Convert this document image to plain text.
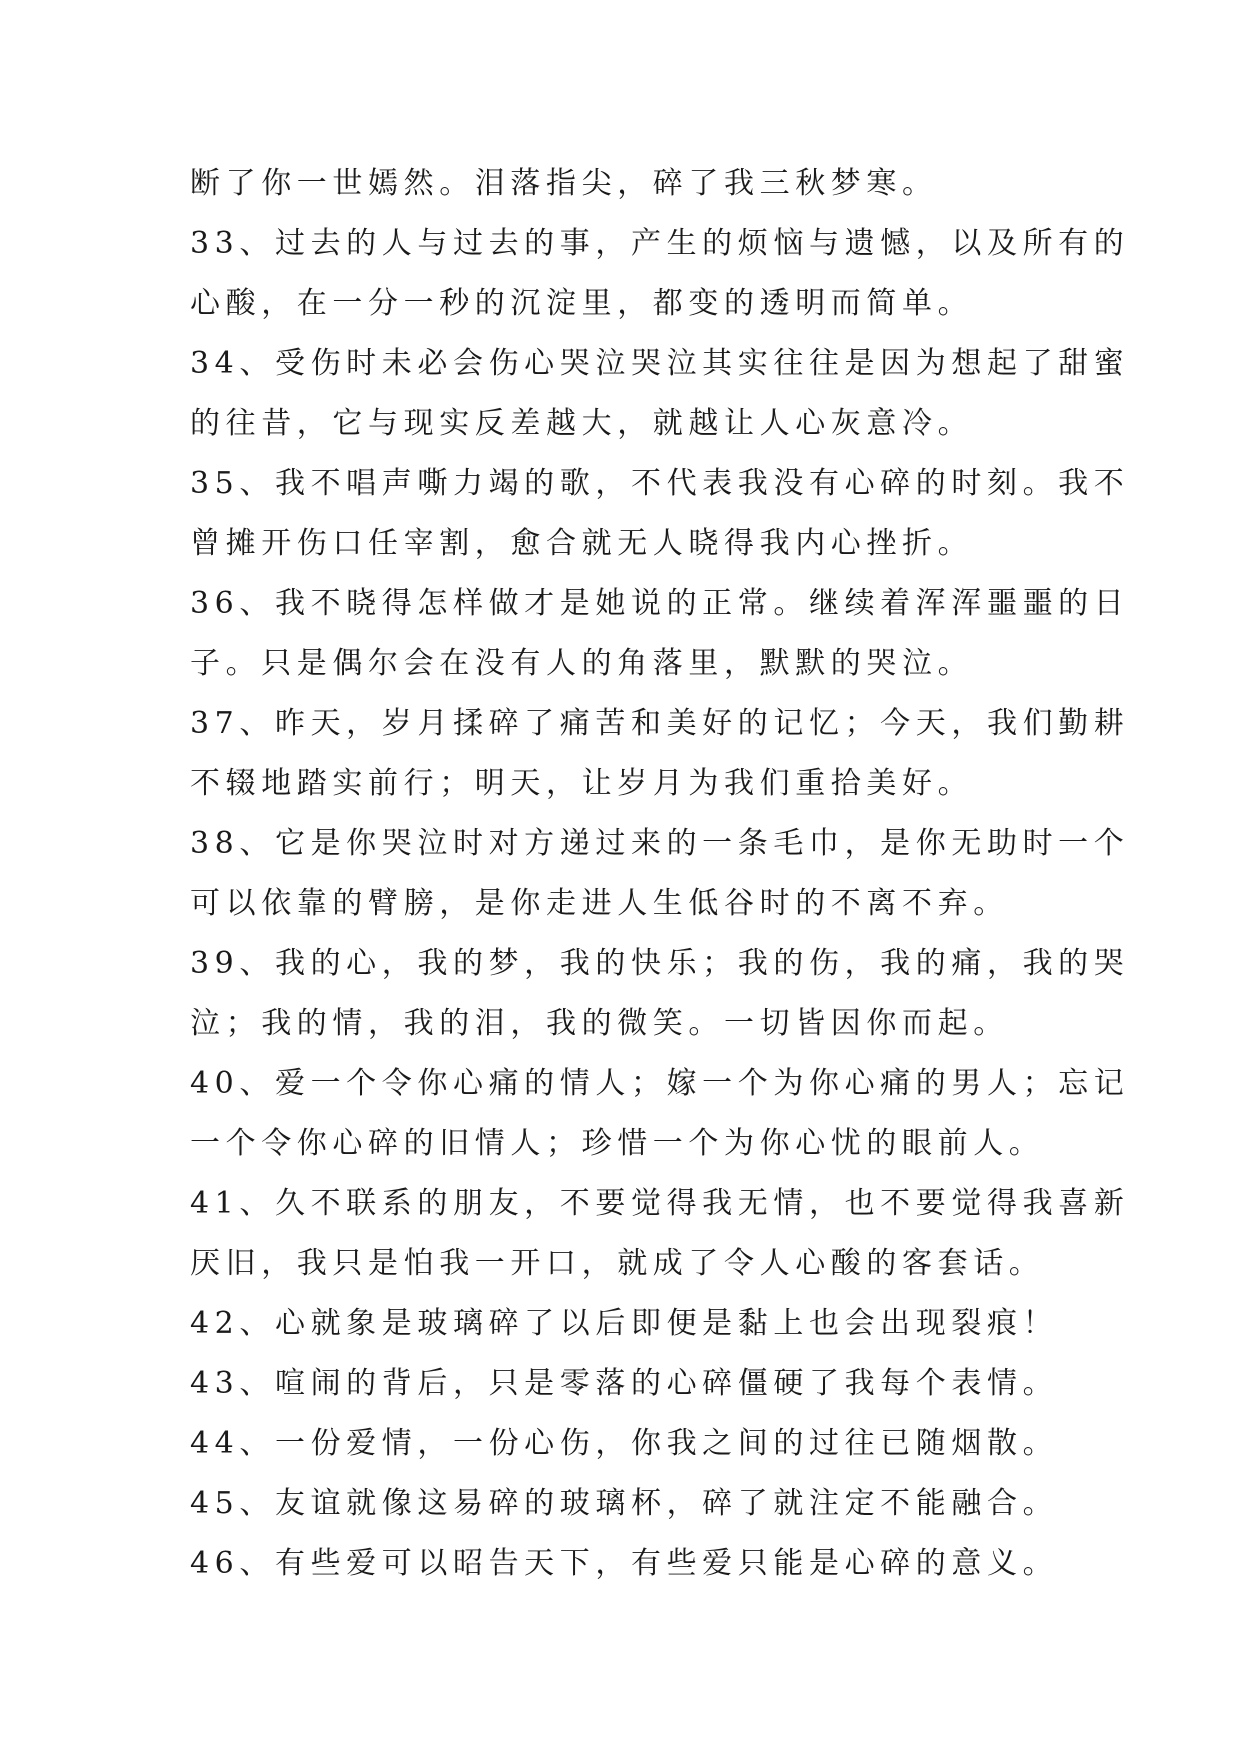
断了你一世嫣然。泪落指尖，碎了我三秋梦寒。
33、过去的人与过去的事，产生的烦恼与遗憾，以及所有的
心酸，在一分一秒的沉淀里，都变的透明而简单。
34、受伤时未必会伤心哭泣哭泣其实往往是因为想起了甜蜜
的往昔，它与现实反差越大，就越让人心灰意冷。
35、我不唱声嘶力竭的歌，不代表我没有心碎的时刻。我不
曾摊开伤口任宰割，愈合就无人晓得我内心挫折。
36、我不晓得怎样做才是她说的正常。继续着浑浑噩噩的日
子。只是偶尔会在没有人的角落里，默默的哭泣。
37、昨天，岁月揉碎了痛苦和美好的记忆；今天，我们勤耕
不辍地踏实前行；明天，让岁月为我们重拾美好。
38、它是你哭泣时对方递过来的一条毛巾，是你无助时一个
可以依靠的臂膀，是你走进人生低谷时的不离不弃。
39、我的心，我的梦，我的快乐；我的伤，我的痛，我的哭
泣；我的情，我的泪，我的微笑。一切皆因你而起。
40、爱一个令你心痛的情人；嫁一个为你心痛的男人；忘记
一个令你心碎的旧情人；珍惜一个为你心忧的眼前人。
41、久不联系的朋友，不要觉得我无情，也不要觉得我喜新
厌旧，我只是怕我一开口，就成了令人心酸的客套话。
42、心就象是玻璃碎了以后即便是黏上也会出现裂痕！
43、喧闹的背后，只是零落的心碎僵硬了我每个表情。
44、一份爱情，一份心伤，你我之间的过往已随烟散。
45、友谊就像这易碎的玻璃杯，碎了就注定不能融合。
46、有些爱可以昭告天下，有些爱只能是心碎的意义。
